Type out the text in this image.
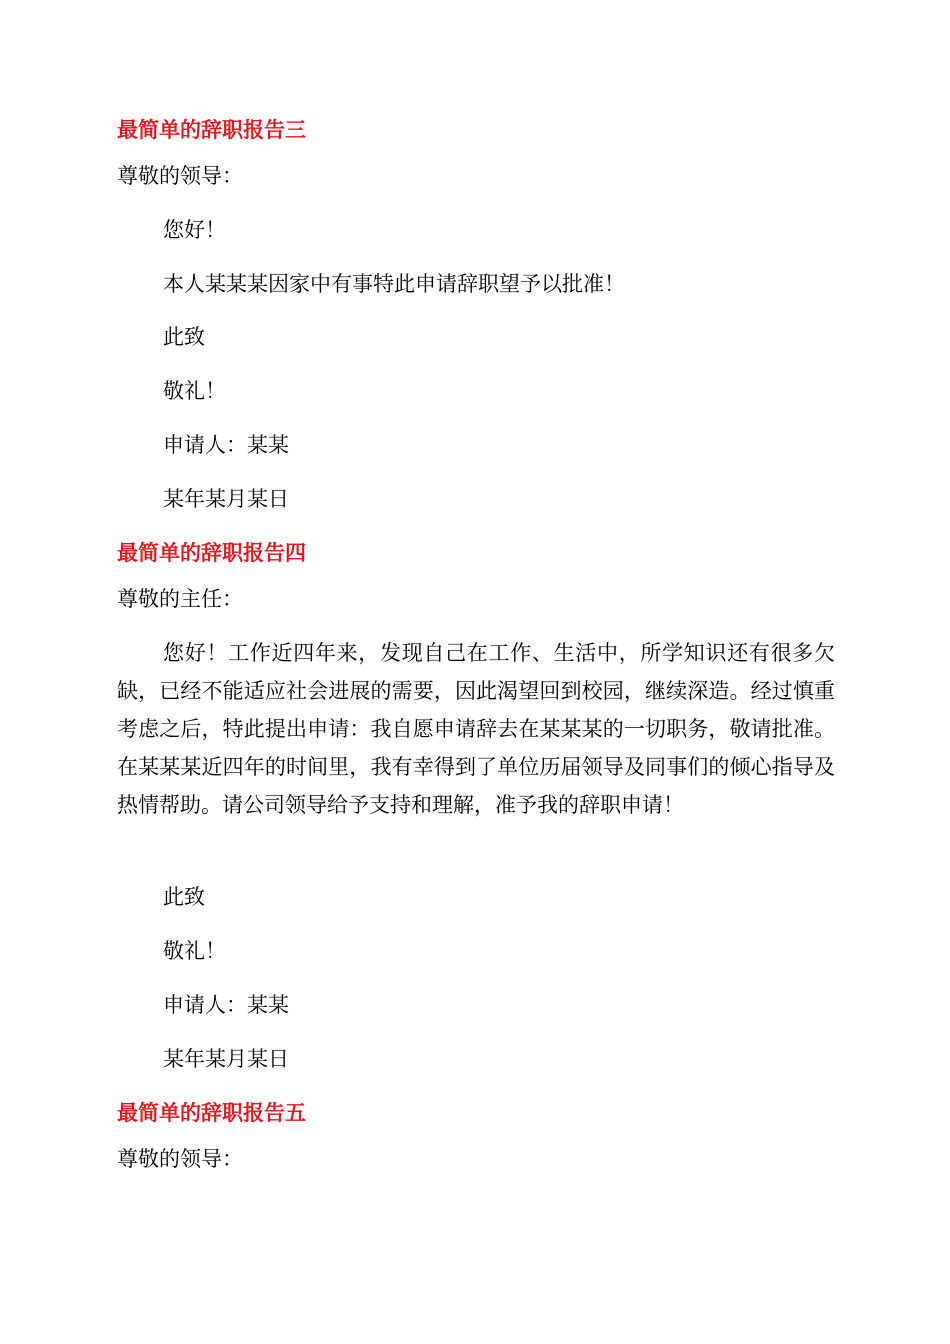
最简单的辞职报告三
尊敬的领导：
您好！
本人某某某因家中有事特此申请辞职望予以批准！
此致
敬礼！
申请人：某某
某年某月某日
最简单的辞职报告四
尊敬的主任：
您好！工作近四年来，发现自己在工作、生活中，所学知识还有很多欠缺，已经不能适应社会进展的需要，因此渴望回到校园，继续深造。经过慎重考虑之后，特此提出申请：我自愿申请辞去在某某某的一切职务，敬请批准。在某某某近四年的时间里，我有幸得到了单位历届领导及同事们的倾心指导及热情帮助。请公司领导给予支持和理解，准予我的辞职申请！
此致
敬礼！
申请人：某某
某年某月某日
最简单的辞职报告五
尊敬的领导：
